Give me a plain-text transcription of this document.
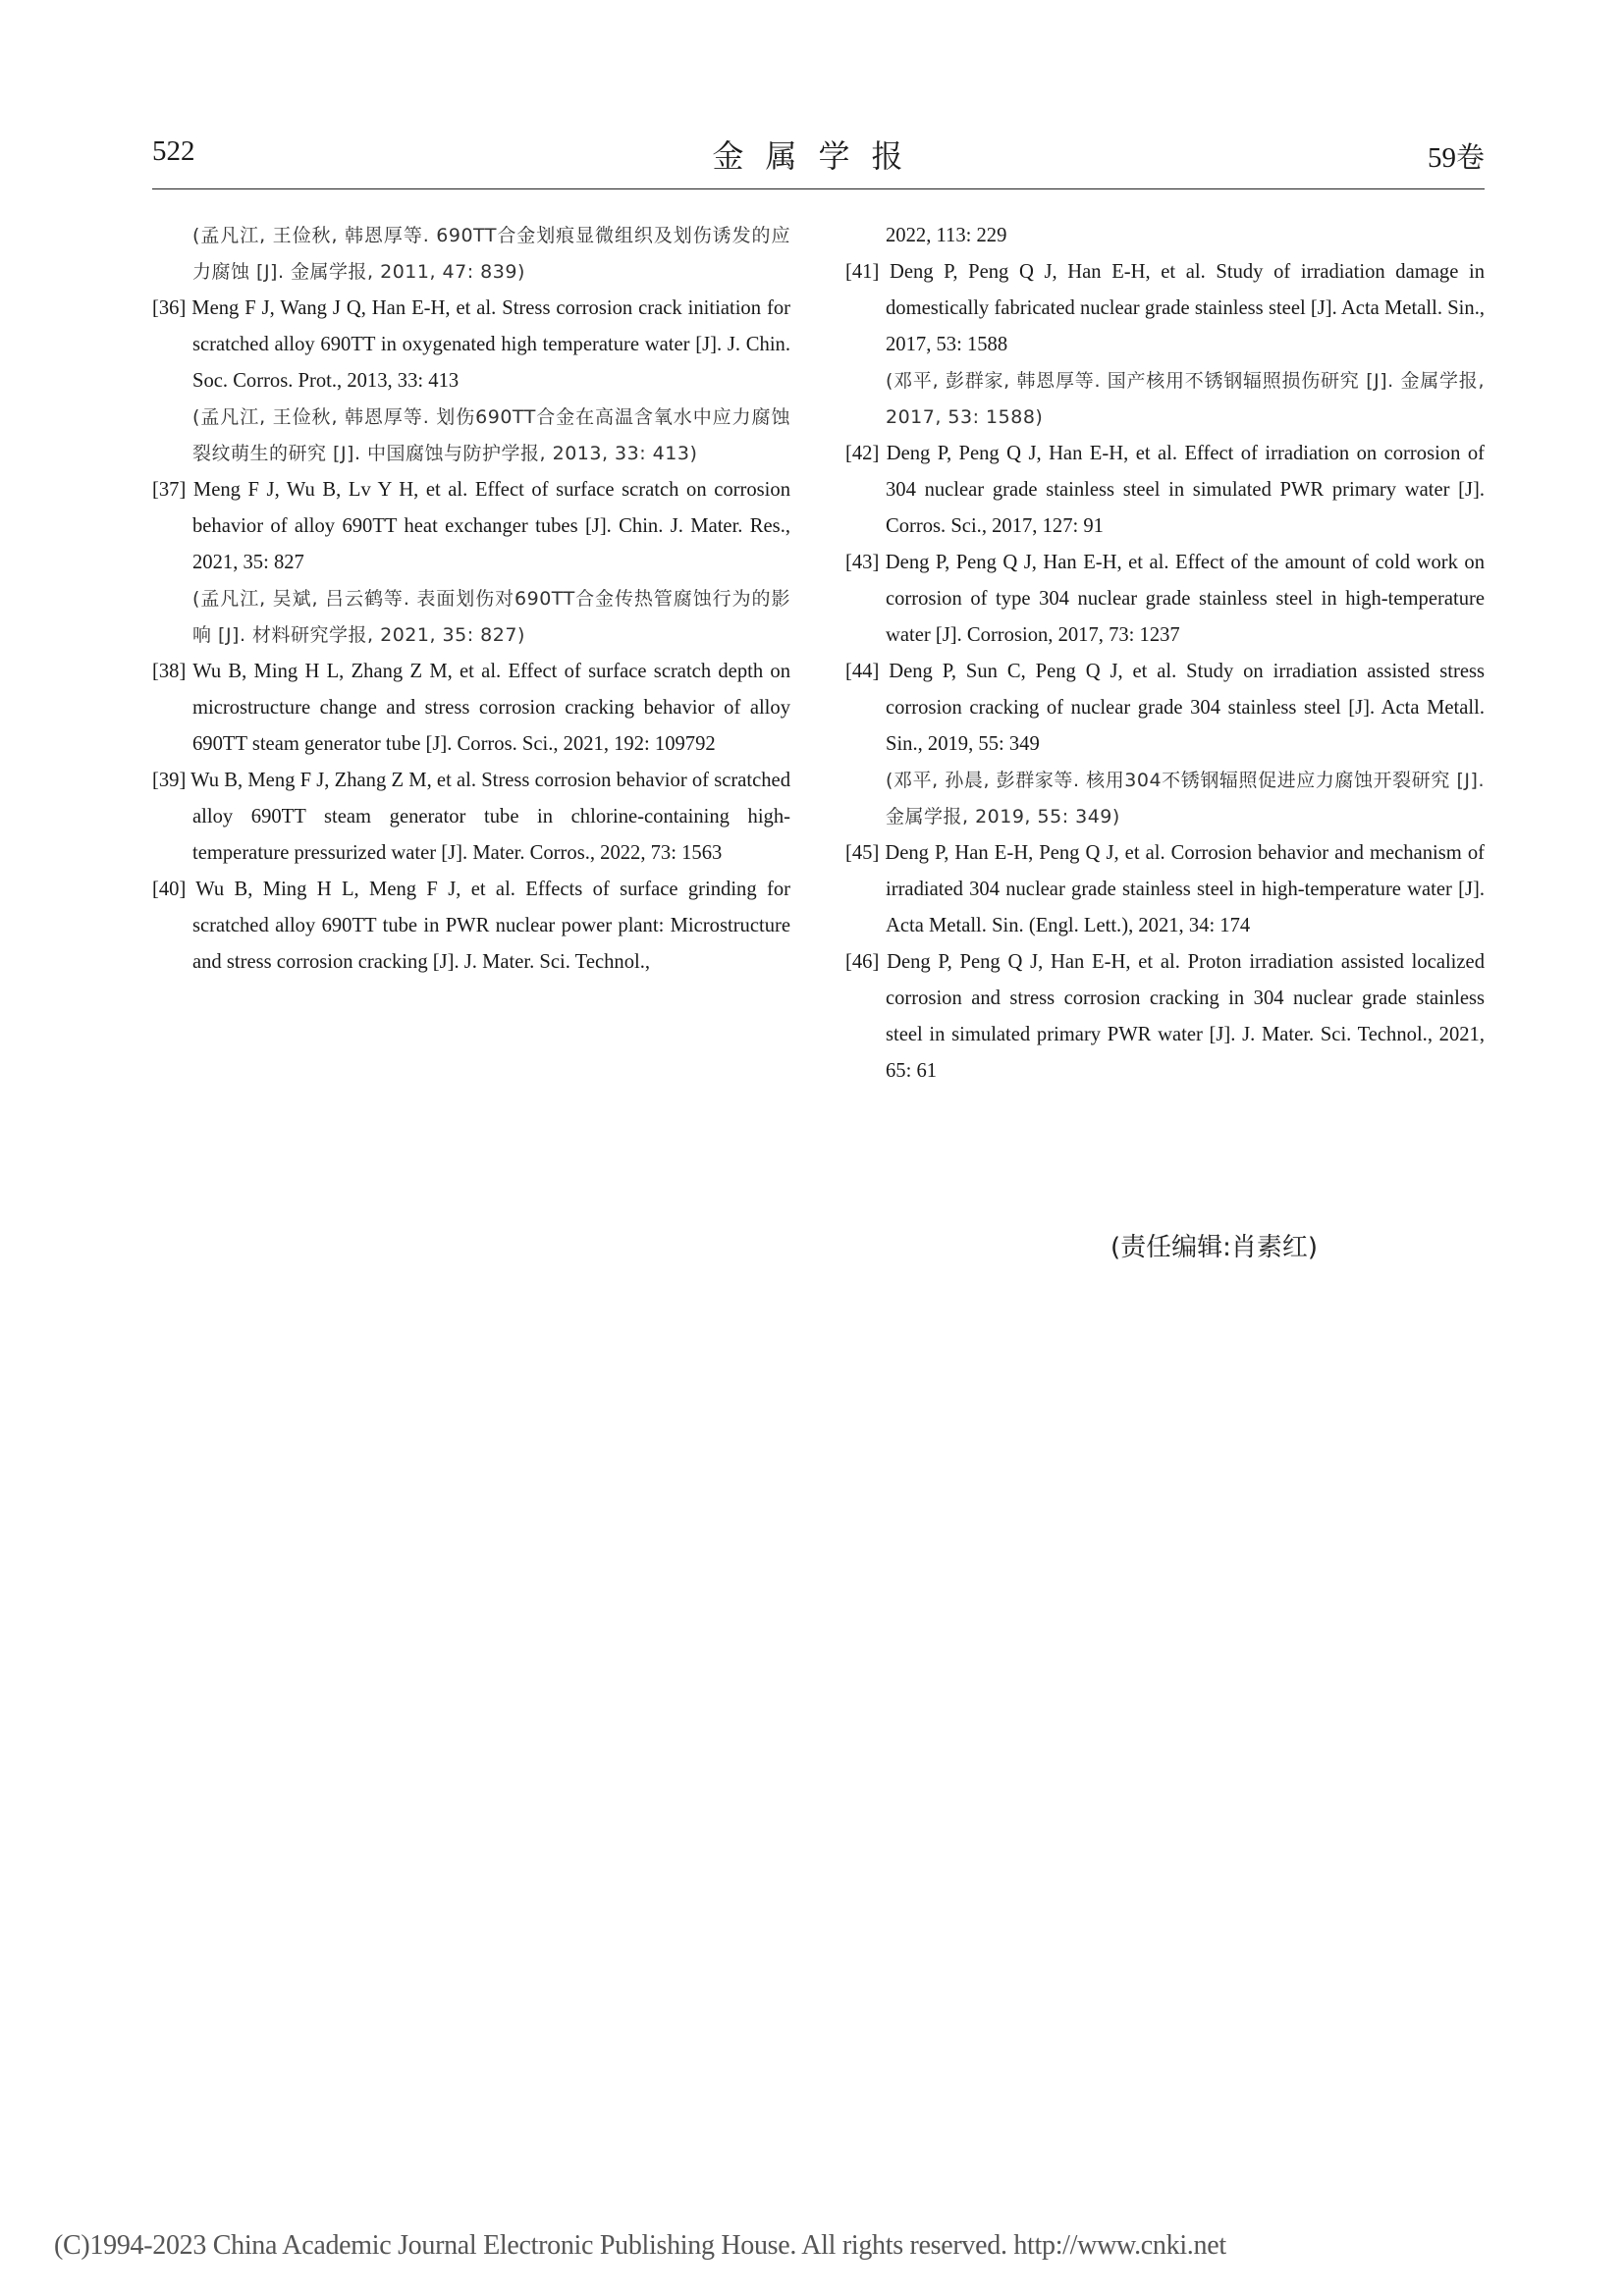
522	金属学报	59卷

(孟凡江, 王俭秋, 韩恩厚等. 690TT合金划痕显微组织及划伤诱发的应力腐蚀 [J]. 金属学报, 2011, 47: 839)

[36] Meng F J, Wang J Q, Han E-H, et al. Stress corrosion crack initiation for scratched alloy 690TT in oxygenated high temperature water [J]. J. Chin. Soc. Corros. Prot., 2013, 33: 413

(孟凡江, 王俭秋, 韩恩厚等. 划伤690TT合金在高温含氧水中应力腐蚀裂纹萌生的研究 [J]. 中国腐蚀与防护学报, 2013, 33: 413)

[37] Meng F J, Wu B, Lv Y H, et al. Effect of surface scratch on corrosion behavior of alloy 690TT heat exchanger tubes [J]. Chin. J. Mater. Res., 2021, 35: 827

(孟凡江, 吴斌, 吕云鹤等. 表面划伤对690TT合金传热管腐蚀行为的影响 [J]. 材料研究学报, 2021, 35: 827)

[38] Wu B, Ming H L, Zhang Z M, et al. Effect of surface scratch depth on microstructure change and stress corrosion cracking behavior of alloy 690TT steam generator tube [J]. Corros. Sci., 2021, 192: 109792

[39] Wu B, Meng F J, Zhang Z M, et al. Stress corrosion behavior of scratched alloy 690TT steam generator tube in chlorine-containing high-temperature pressurized water [J]. Mater. Corros., 2022, 73: 1563

[40] Wu B, Ming H L, Meng F J, et al. Effects of surface grinding for scratched alloy 690TT tube in PWR nuclear power plant: Microstructure and stress corrosion cracking [J]. J. Mater. Sci. Technol.,

2022, 113: 229

[41] Deng P, Peng Q J, Han E-H, et al. Study of irradiation damage in domestically fabricated nuclear grade stainless steel [J]. Acta Metall. Sin., 2017, 53: 1588

(邓平, 彭群家, 韩恩厚等. 国产核用不锈钢辐照损伤研究 [J]. 金属学报, 2017, 53: 1588)

[42] Deng P, Peng Q J, Han E-H, et al. Effect of irradiation on corrosion of 304 nuclear grade stainless steel in simulated PWR primary water [J]. Corros. Sci., 2017, 127: 91

[43] Deng P, Peng Q J, Han E-H, et al. Effect of the amount of cold work on corrosion of type 304 nuclear grade stainless steel in high-temperature water [J]. Corrosion, 2017, 73: 1237

[44] Deng P, Sun C, Peng Q J, et al. Study on irradiation assisted stress corrosion cracking of nuclear grade 304 stainless steel [J]. Acta Metall. Sin., 2019, 55: 349

(邓平, 孙晨, 彭群家等. 核用304不锈钢辐照促进应力腐蚀开裂研究 [J]. 金属学报, 2019, 55: 349)

[45] Deng P, Han E-H, Peng Q J, et al. Corrosion behavior and mechanism of irradiated 304 nuclear grade stainless steel in high-temperature water [J]. Acta Metall. Sin. (Engl. Lett.), 2021, 34: 174

[46] Deng P, Peng Q J, Han E-H, et al. Proton irradiation assisted localized corrosion and stress corrosion cracking in 304 nuclear grade stainless steel in simulated primary PWR water [J]. J. Mater. Sci. Technol., 2021, 65: 61

(责任编辑:肖素红)
(C)1994-2023 China Academic Journal Electronic Publishing House. All rights reserved. http://www.cnki.net
